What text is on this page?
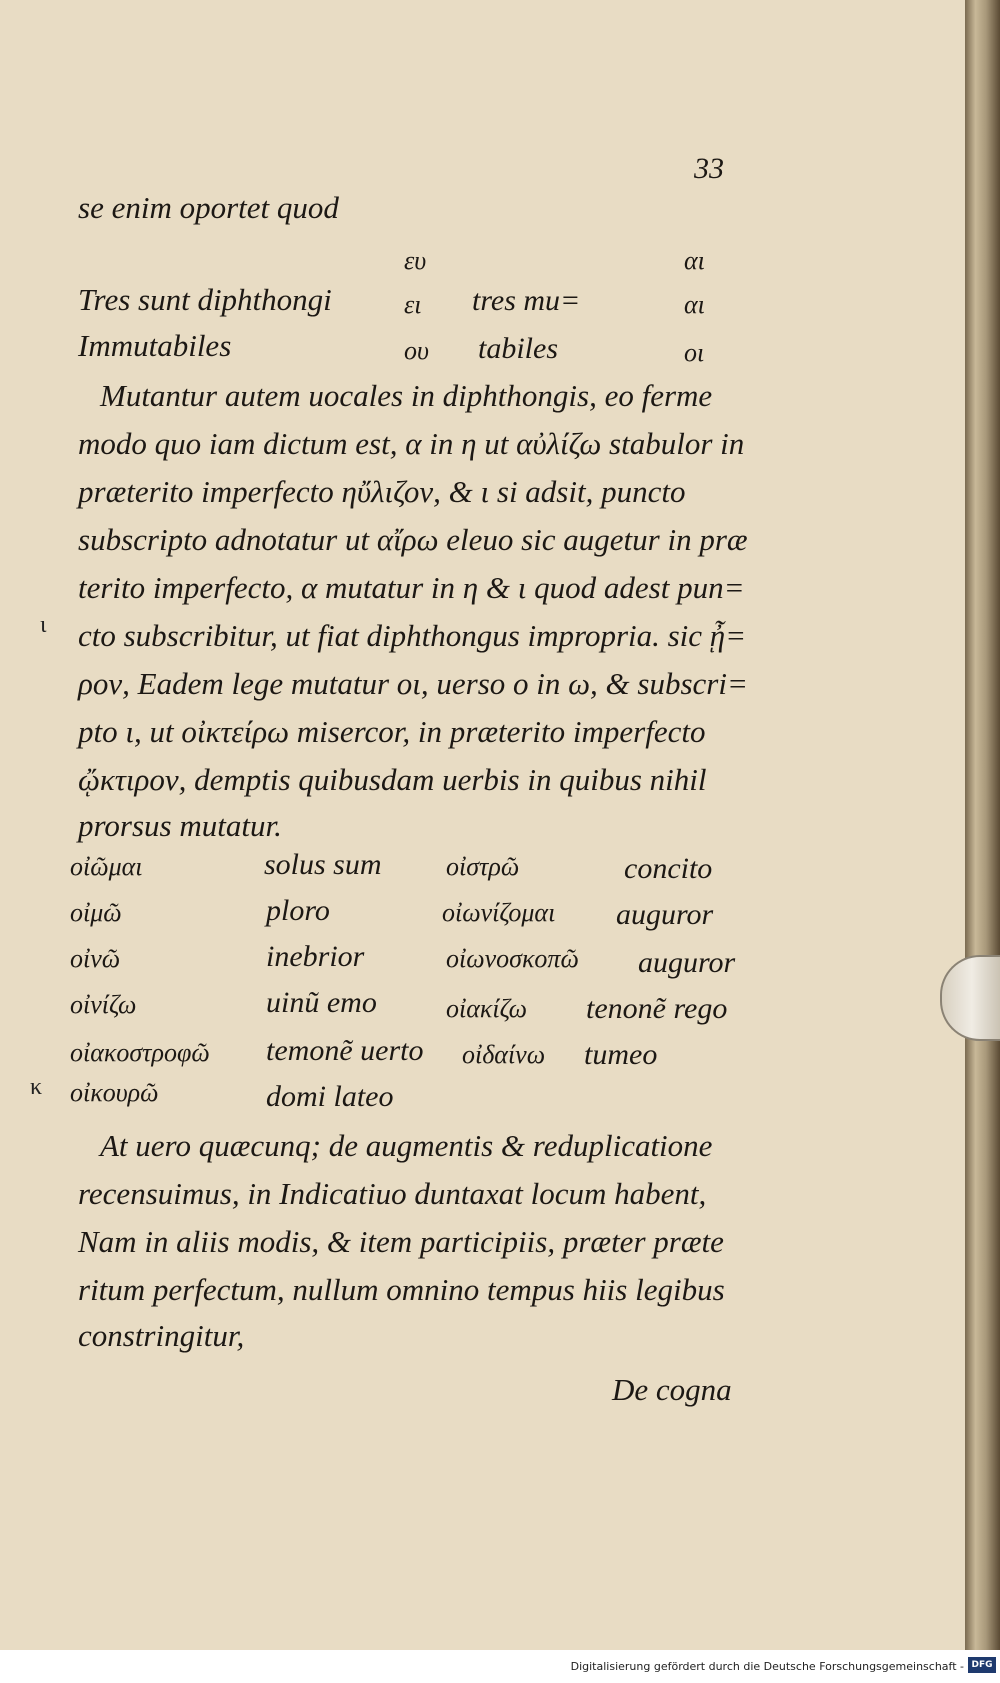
33
se enim oportet quod
ευ	αι
Tres sunt diphthongi	ει tres mu=	αι
Immutabiles	ου tabiles	οι
Mutantur autem uocales in diphthongis, eo ferme
modo quo iam dictum est, α in η ut αὐλίζω stabulor in
præterito imperfecto ηὔλιζον, & ι si adsit, puncto
subscripto adnotatur ut αἴρω eleuo sic augetur in præ
terito imperfecto, α mutatur in η & ι quod adest pun=
ι cto subscribitur, ut fiat diphthongus impropria. sic ᾖ=
ρον, Eadem lege mutatur οι, uerso ο in ω, & subscri=
pto ι, ut οἰκτείρω misercor, in præterito imperfecto
ᾤκτιρον, demptis quibusdam uerbis in quibus nihil
prorsus mutatur.
οἰῶμαι	solus sum οἰστρῶ	concito
οἰμῶ	ploro	οἰωνίζομαι auguror
οἰνῶ	inebrior	οἰωνοσκοπῶ auguror
οἰνίζω	uinũ emo	οἰακίζω tenonẽ rego
οἰακοστροφῶ temonẽ uerto οἰδαίνω tumeo
κ οἰκουρῶ	domi lateo
At uero quæcunq; de augmentis & reduplicatione
recensuimus, in Indicatiuo duntaxat locum habent,
Nam in aliis modis, & item participiis, præter præte
ritum perfectum, nullum omnino tempus hiis legibus
constringitur,
De cogna
Digitalisierung gefördert durch die Deutsche Forschungsgemeinschaft - DFG
